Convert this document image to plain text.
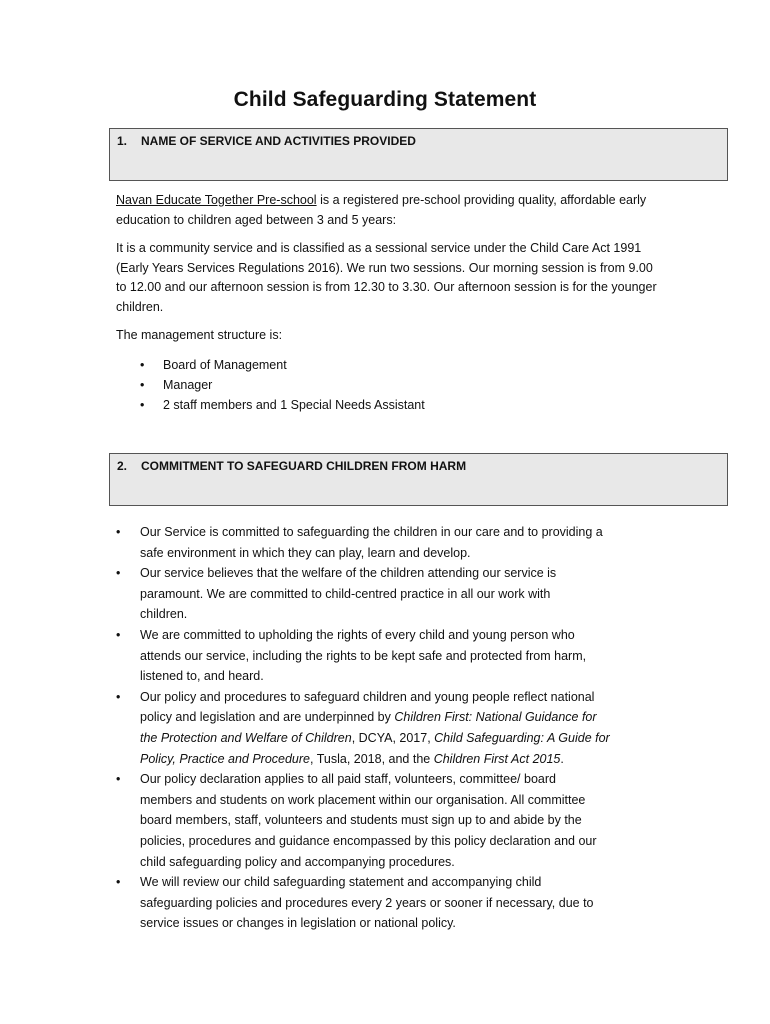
Child Safeguarding Statement
1. NAME OF SERVICE AND ACTIVITIES PROVIDED

Navan Educate Together Pre-school is a registered pre-school providing quality, affordable early
education to children aged between 3 and 5 years:

It is a community service and is classified as a sessional service under the Child Care Act 1991
(Early Years Services Regulations 2016). We run two sessions. Our morning session is from 9.00
to 12.00 and our afternoon session is from 12.30 to 3.30. Our afternoon session is for the younger
children.

The management structure is:

• Board of Management
• Manager
• 2 staff members and 1 Special Needs Assistant
2. COMMITMENT TO SAFEGUARD CHILDREN FROM HARM
• Our Service is committed to safeguarding the children in our care and to providing a
safe environment in which they can play, learn and develop.
• Our service believes that the welfare of the children attending our service is
paramount. We are committed to child-centred practice in all our work with
children.
• We are committed to upholding the rights of every child and young person who
attends our service, including the rights to be kept safe and protected from harm,
listened to, and heard.
• Our policy and procedures to safeguard children and young people reflect national
policy and legislation and are underpinned by Children First: National Guidance for
the Protection and Welfare of Children, DCYA, 2017, Child Safeguarding: A Guide for
Policy, Practice and Procedure, Tusla, 2018, and the Children First Act 2015.
• Our policy declaration applies to all paid staff, volunteers, committee/ board
members and students on work placement within our organisation. All committee
board members, staff, volunteers and students must sign up to and abide by the
policies, procedures and guidance encompassed by this policy declaration and our
child safeguarding policy and accompanying procedures.
• We will review our child safeguarding statement and accompanying child
safeguarding policies and procedures every 2 years or sooner if necessary, due to
service issues or changes in legislation or national policy.
